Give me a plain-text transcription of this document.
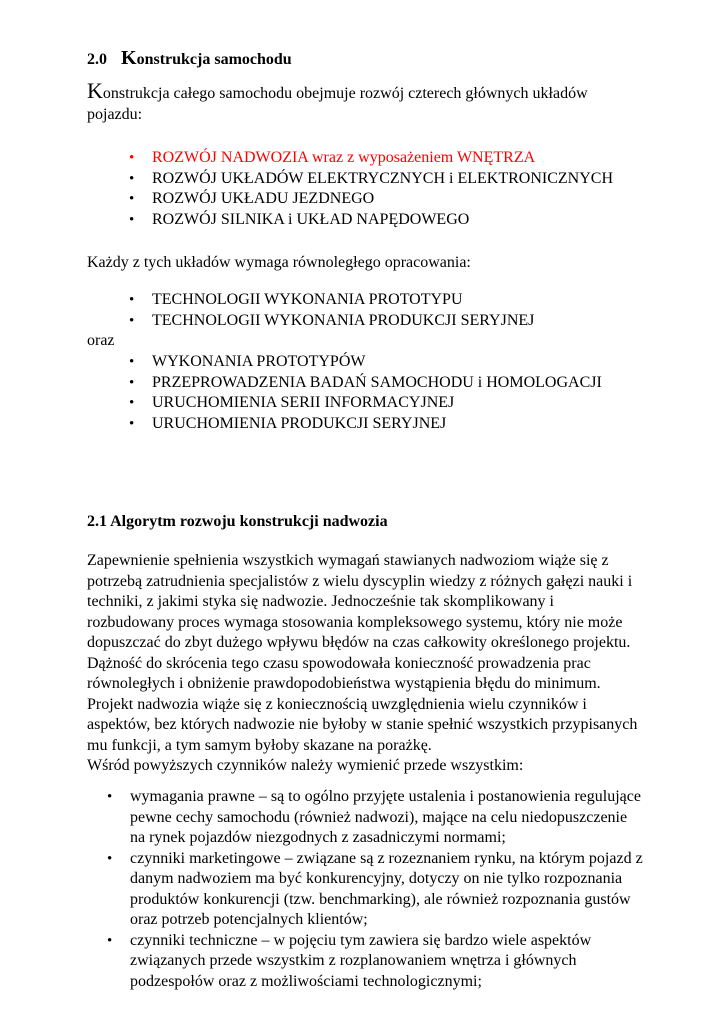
2.0 Konstrukcja samochodu
Konstrukcja całego samochodu obejmuje rozwój czterech głównych układów
pojazdu:
• ROZWÓJ NADWOZIA wraz z wyposażeniem WNĘTRZA
• ROZWÓJ UKŁADÓW ELEKTRYCZNYCH i ELEKTRONICZNYCH
• ROZWÓJ UKŁADU JEZDNEGO
• ROZWÓJ SILNIKA i UKŁAD NAPĘDOWEGO
Każdy z tych układów wymaga równoległego opracowania:
• TECHNOLOGII WYKONANIA PROTOTYPU
• TECHNOLOGII WYKONANIA PRODUKCJI SERYJNEJ
oraz
• WYKONANIA PROTOTYPÓW
• PRZEPROWADZENIA BADAŃ SAMOCHODU i HOMOLOGACJI
• URUCHOMIENIA SERII INFORMACYJNEJ
• URUCHOMIENIA PRODUKCJI SERYJNEJ
2.1 Algorytm rozwoju konstrukcji nadwozia
Zapewnienie spełnienia wszystkich wymagań stawianych nadwoziom wiąże się z
potrzebą zatrudnienia specjalistów z wielu dyscyplin wiedzy z różnych gałęzi nauki i
techniki, z jakimi styka się nadwozie. Jednocześnie tak skomplikowany i
rozbudowany proces wymaga stosowania kompleksowego systemu, który nie może
dopuszczać do zbyt dużego wpływu błędów na czas całkowity określonego projektu.
Dążność do skrócenia tego czasu spowodowała konieczność prowadzenia prac
równoległych i obniżenie prawdopodobieństwa wystąpienia błędu do minimum.
Projekt nadwozia wiąże się z koniecznością uwzględnienia wielu czynników i
aspektów, bez których nadwozie nie byłoby w stanie spełnić wszystkich przypisanych
mu funkcji, a tym samym byłoby skazane na porażkę.
Wśród powyższych czynników należy wymienić przede wszystkim:
• wymagania prawne – są to ogólno przyjęte ustalenia i postanowienia regulujące
pewne cechy samochodu (również nadwozi), mające na celu niedopuszczenie
na rynek pojazdów niezgodnych z zasadniczymi normami;
• czynniki marketingowe – związane są z rozeznaniem rynku, na którym pojazd z
danym nadwoziem ma być konkurencyjny, dotyczy on nie tylko rozpoznania
produktów konkurencji (tzw. benchmarking), ale również rozpoznania gustów
oraz potrzeb potencjalnych klientów;
• czynniki techniczne – w pojęciu tym zawiera się bardzo wiele aspektów
związanych przede wszystkim z rozplanowaniem wnętrza i głównych
podzespołów oraz z możliwościami technologicznymi;
